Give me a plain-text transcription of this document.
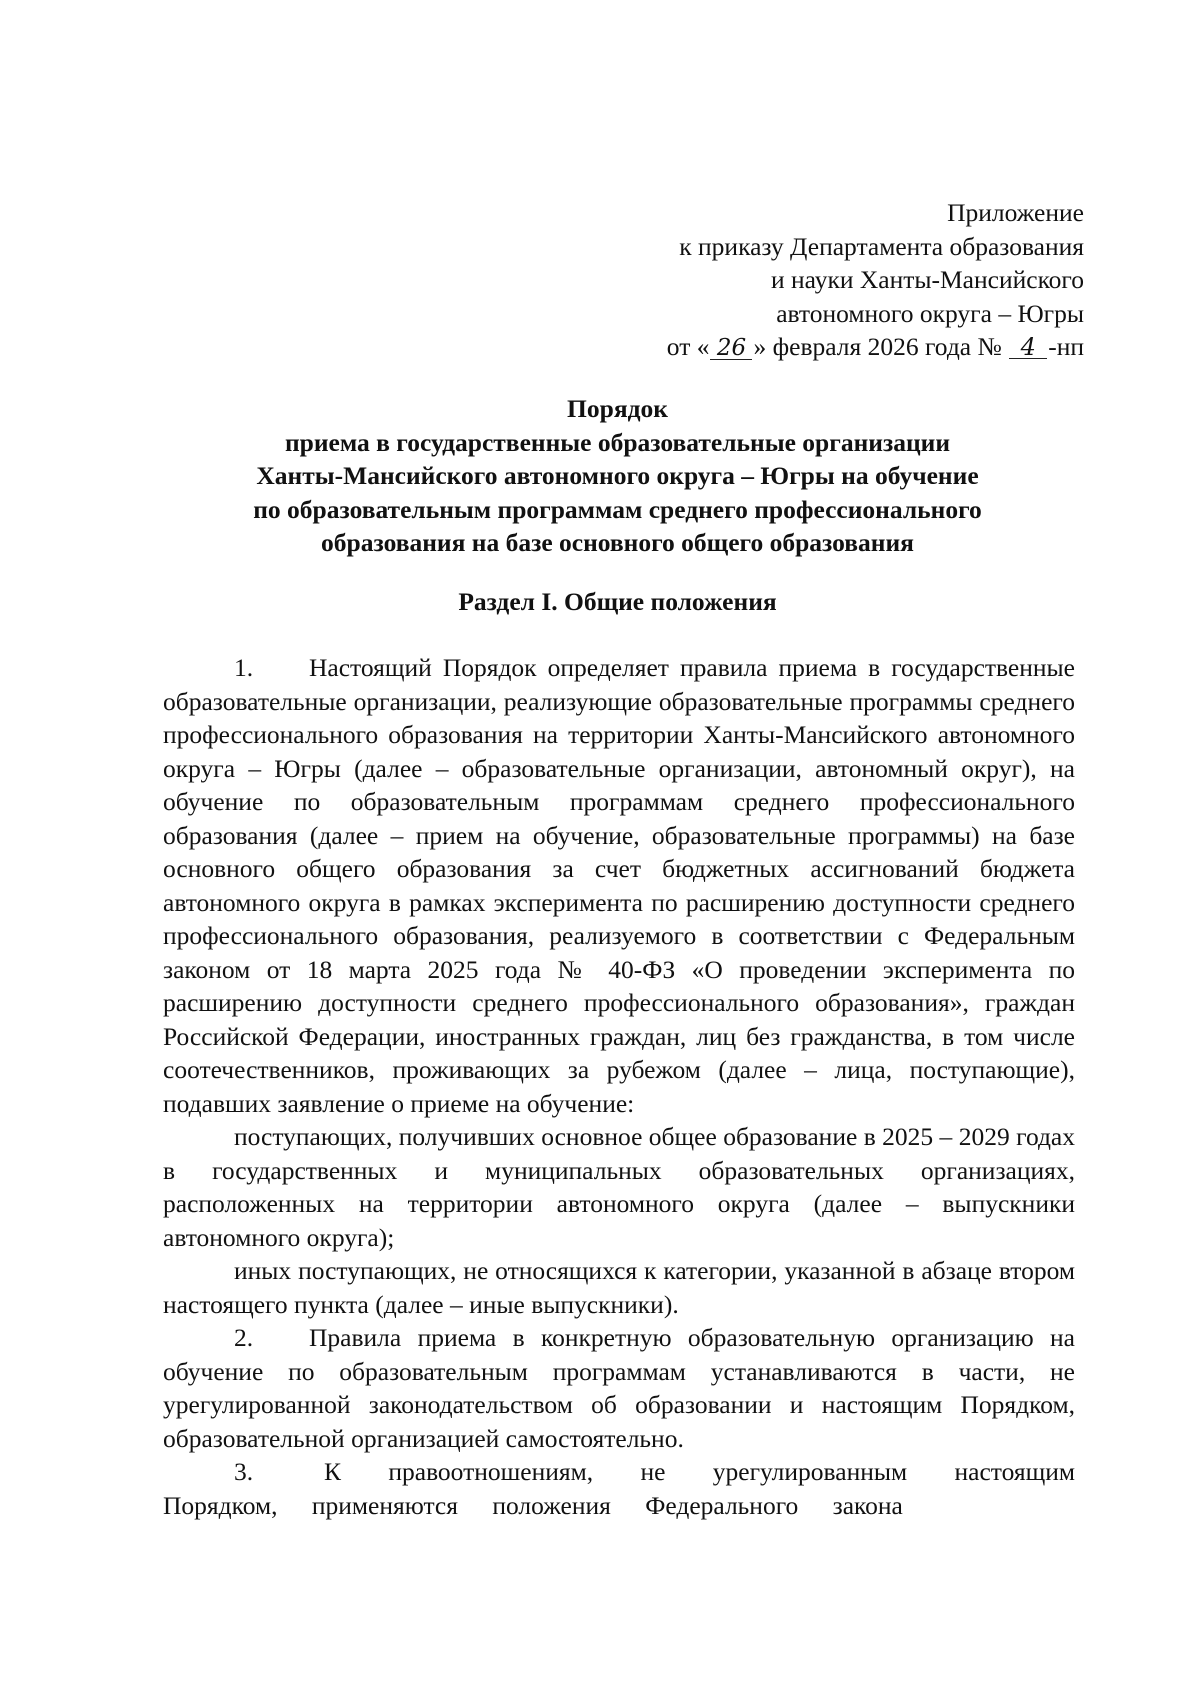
Приложение
к приказу Департамента образования
и науки Ханты-Мансийского
автономного округа – Югры
от « 26 » февраля 2026 года № 4 -нп
Порядок
приема в государственные образовательные организации
Ханты-Мансийского автономного округа – Югры на обучение
по образовательным программам среднего профессионального
образования на базе основного общего образования
Раздел I. Общие положения

1. Настоящий Порядок определяет правила приема в государственные образовательные организации, реализующие образовательные программы среднего профессионального образования на территории Ханты-Мансийского автономного округа – Югры (далее – образовательные организации, автономный округ), на обучение по образовательным программам среднего профессионального образования (далее – прием на обучение, образовательные программы) на базе основного общего образования за счет бюджетных ассигнований бюджета автономного округа в рамках эксперимента по расширению доступности среднего профессионального образования, реализуемого в соответствии с Федеральным законом от 18 марта 2025 года № 40-ФЗ «О проведении эксперимента по расширению доступности среднего профессионального образования», граждан Российской Федерации, иностранных граждан, лиц без гражданства, в том числе соотечественников, проживающих за рубежом (далее – лица, поступающие), подавших заявление о приеме на обучение:

поступающих, получивших основное общее образование в 2025 – 2029 годах в государственных и муниципальных образовательных организациях, расположенных на территории автономного округа (далее – выпускники автономного округа);

иных поступающих, не относящихся к категории, указанной в абзаце втором настоящего пункта (далее – иные выпускники).

2. Правила приема в конкретную образовательную организацию на обучение по образовательным программам устанавливаются в части, не урегулированной законодательством об образовании и настоящим Порядком, образовательной организацией самостоятельно.

3.	К правоотношениям, не урегулированным настоящим Порядком, применяются положения Федерального закона
